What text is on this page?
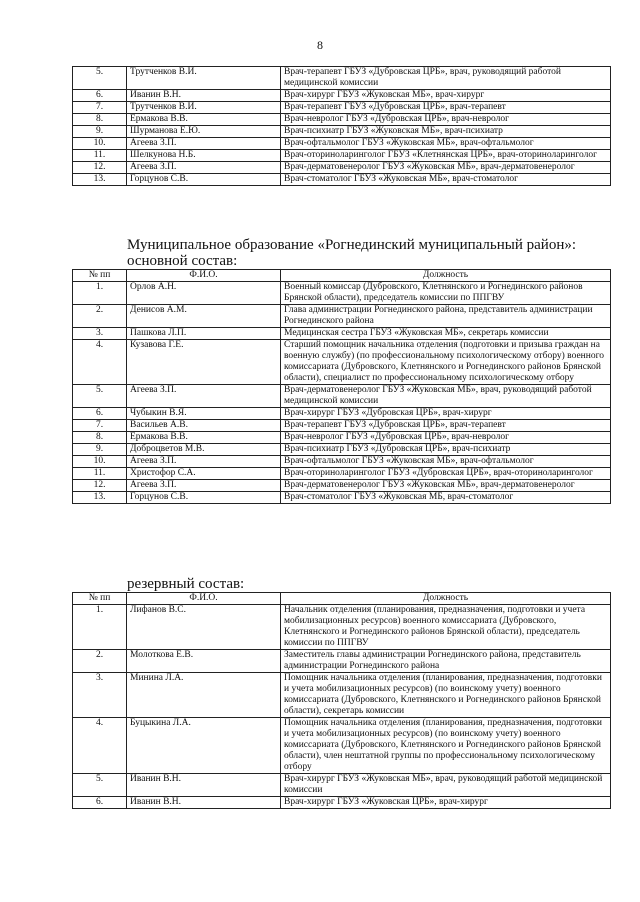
8
5.	Трутченков В.И.	Врач-терапевт ГБУЗ «Дубровская ЦРБ», врач, руководящий работой медицинской комиссии
6.	Иванин В.Н.	Врач-хирург ГБУЗ «Жуковская МБ», врач-хирург
7.	Трутченков В.И.	Врач-терапевт ГБУЗ «Дубровская ЦРБ», врач-терапевт
8.	Ермакова В.В.	Врач-невролог ГБУЗ «Дубровская ЦРБ», врач-невролог
9.	Шурманова Е.Ю.	Врач-психиатр ГБУЗ «Жуковская МБ», врач-психиатр
10.	Агеева З.П.	Врач-офтальмолог ГБУЗ «Жуковская МБ», врач-офтальмолог
11.	Шелкунова Н.Б.	Врач-оториноларинголог ГБУЗ «Клетнянская ЦРБ», врач-оториноларинголог
12.	Агеева З.П.	Врач-дерматовенеролог ГБУЗ «Жуковская МБ», врач-дерматовенеролог
13.	Горцунов С.В.	Врач-стоматолог ГБУЗ «Жуковская МБ», врач-стоматолог
Муниципальное образование «Рогнединский муниципальный район»:
основной состав:
№ пп	Ф.И.О.	Должность
1.	Орлов А.Н.	Военный комиссар (Дубровского, Клетнянского и Рогнединского районов Брянской области), председатель комиссии по ППГВУ
2.	Денисов А.М.	Глава администрации Рогнединского района, представитель администрации Рогнединского района
3.	Пашкова Л.П.	Медицинская сестра ГБУЗ «Жуковская МБ», секретарь комиссии
4.	Кузавова Г.Е.	Старший помощник начальника отделения (подготовки и призыва граждан на военную службу) (по профессиональному психологическому отбору) военного комиссариата (Дубровского, Клетнянского и Рогнединского районов Брянской области), специалист по профессиональному психологическому отбору
5.	Агеева З.П.	Врач-дерматовенеролог ГБУЗ «Жуковская МБ», врач, руководящий работой медицинской комиссии
6.	Чубыкин В.Я.	Врач-хирург ГБУЗ «Дубровская ЦРБ», врач-хирург
7.	Васильев А.В.	Врач-терапевт ГБУЗ «Дубровская ЦРБ», врач-терапевт
8.	Ермакова В.В.	Врач-невролог ГБУЗ «Дубровская ЦРБ», врач-невролог
9.	Доброцветов М.В.	Врач-психиатр ГБУЗ «Дубровская ЦРБ», врач-психиатр
10.	Агеева З.П.	Врач-офтальмолог ГБУЗ «Жуковская МБ», врач-офтальмолог
11.	Христофор С.А.	Врач-оториноларинголог ГБУЗ «Дубровская ЦРБ», врач-оториноларинголог
12.	Агеева З.П.	Врач-дерматовенеролог ГБУЗ «Жуковская МБ», врач-дерматовенеролог
13.	Горцунов С.В.	Врач-стоматолог ГБУЗ «Жуковская МБ, врач-стоматолог
резервный состав:
№ пп	Ф.И.О.	Должность
1.	Лифанов В.С.	Начальник отделения (планирования, предназначения, подготовки и учета мобилизационных ресурсов) военного комиссариата (Дубровского, Клетнянского и Рогнединского районов Брянской области), председатель комиссии по ППГВУ
2.	Молоткова Е.В.	Заместитель главы администрации Рогнединского района, представитель администрации Рогнединского района
3.	Минина Л.А.	Помощник начальника отделения (планирования, предназначения, подготовки и учета мобилизационных ресурсов) (по воинскому учету) военного комиссариата (Дубровского, Клетнянского и Рогнединского районов Брянской области), секретарь комиссии
4.	Буцыкина Л.А.	Помощник начальника отделения (планирования, предназначения, подготовки и учета мобилизационных ресурсов) (по воинскому учету) военного комиссариата (Дубровского, Клетнянского и Рогнединского районов Брянской области), член нештатной группы по профессиональному психологическому отбору
5.	Иванин В.Н.	Врач-хирург ГБУЗ «Жуковская МБ», врач, руководящий работой медицинской комиссии
6.	Иванин В.Н.	Врач-хирург ГБУЗ «Жуковская ЦРБ», врач-хирург
